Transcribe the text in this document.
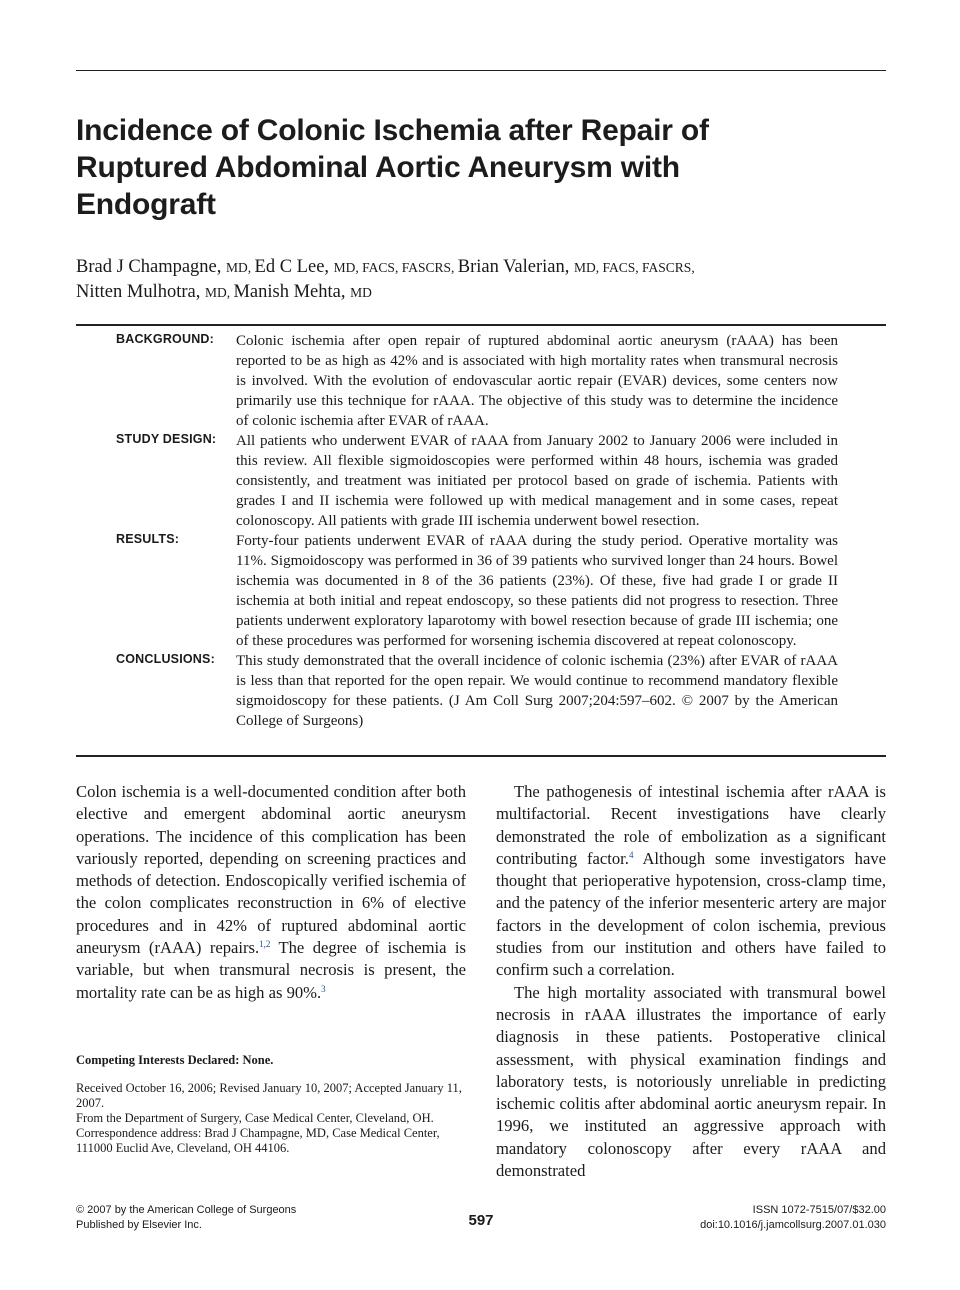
Incidence of Colonic Ischemia after Repair of Ruptured Abdominal Aortic Aneurysm with Endograft
Brad J Champagne, MD, Ed C Lee, MD, FACS, FASCRS, Brian Valerian, MD, FACS, FASCRS,
Nitten Mulhotra, MD, Manish Mehta, MD
BACKGROUND: Colonic ischemia after open repair of ruptured abdominal aortic aneurysm (rAAA) has been reported to be as high as 42% and is associated with high mortality rates when transmural necrosis is involved. With the evolution of endovascular aortic repair (EVAR) devices, some centers now primarily use this technique for rAAA. The objective of this study was to determine the incidence of colonic ischemia after EVAR of rAAA.
STUDY DESIGN: All patients who underwent EVAR of rAAA from January 2002 to January 2006 were included in this review. All flexible sigmoidoscopies were performed within 48 hours, ischemia was graded consistently, and treatment was initiated per protocol based on grade of ischemia. Patients with grades I and II ischemia were followed up with medical management and in some cases, repeat colonoscopy. All patients with grade III ischemia underwent bowel resection.
RESULTS:	Forty-four patients underwent EVAR of rAAA during the study period. Operative mortality was 11%. Sigmoidoscopy was performed in 36 of 39 patients who survived longer than 24 hours. Bowel ischemia was documented in 8 of the 36 patients (23%). Of these, five had grade I or grade II ischemia at both initial and repeat endoscopy, so these patients did not progress to resection. Three patients underwent exploratory laparotomy with bowel resection because of grade III ischemia; one of these procedures was performed for worsening ischemia discovered at repeat colonoscopy.
CONCLUSIONS: This study demonstrated that the overall incidence of colonic ischemia (23%) after EVAR of rAAA is less than that reported for the open repair. We would continue to recommend mandatory flexible sigmoidoscopy for these patients. (J Am Coll Surg 2007;204:597–602. © 2007 by the American College of Surgeons)

Colon ischemia is a well-documented condition after both elective and emergent abdominal aortic aneurysm operations. The incidence of this complication has been variously reported, depending on screening practices and methods of detection. Endoscopically verified ischemia of the colon complicates reconstruction in 6% of elective procedures and in 42% of ruptured abdominal aortic aneurysm (rAAA) repairs.$^{1,2}$ The degree of ischemia is variable, but when transmural necrosis is present, the mortality rate can be as high as 90%.$^3$

Competing Interests Declared: None.

Received October 16, 2006; Revised January 10, 2007; Accepted January 11, 2007.

From the Department of Surgery, Case Medical Center, Cleveland, OH.

Correspondence address: Brad J Champagne, MD, Case Medical Center, 111000 Euclid Ave, Cleveland, OH 44106.

The pathogenesis of intestinal ischemia after rAAA is multifactorial. Recent investigations have clearly demonstrated the role of embolization as a significant contributing factor.$^4$ Although some investigators have thought that perioperative hypotension, cross-clamp time, and the patency of the inferior mesenteric artery are major factors in the development of colon ischemia, previous studies from our institution and others have failed to confirm such a correlation.

The high mortality associated with transmural bowel necrosis in rAAA illustrates the importance of early diagnosis in these patients. Postoperative clinical assessment, with physical examination findings and laboratory tests, is notoriously unreliable in predicting ischemic colitis after abdominal aortic aneurysm repair. In 1996, we instituted an aggressive approach with mandatory colonoscopy after every rAAA and demonstrated

© 2007 by the American College of Surgeons
Published by Elsevier Inc.	597
ISSN 1072-7515/07/$32.00
doi:10.1016/j.jamcollsurg.2007.01.030
